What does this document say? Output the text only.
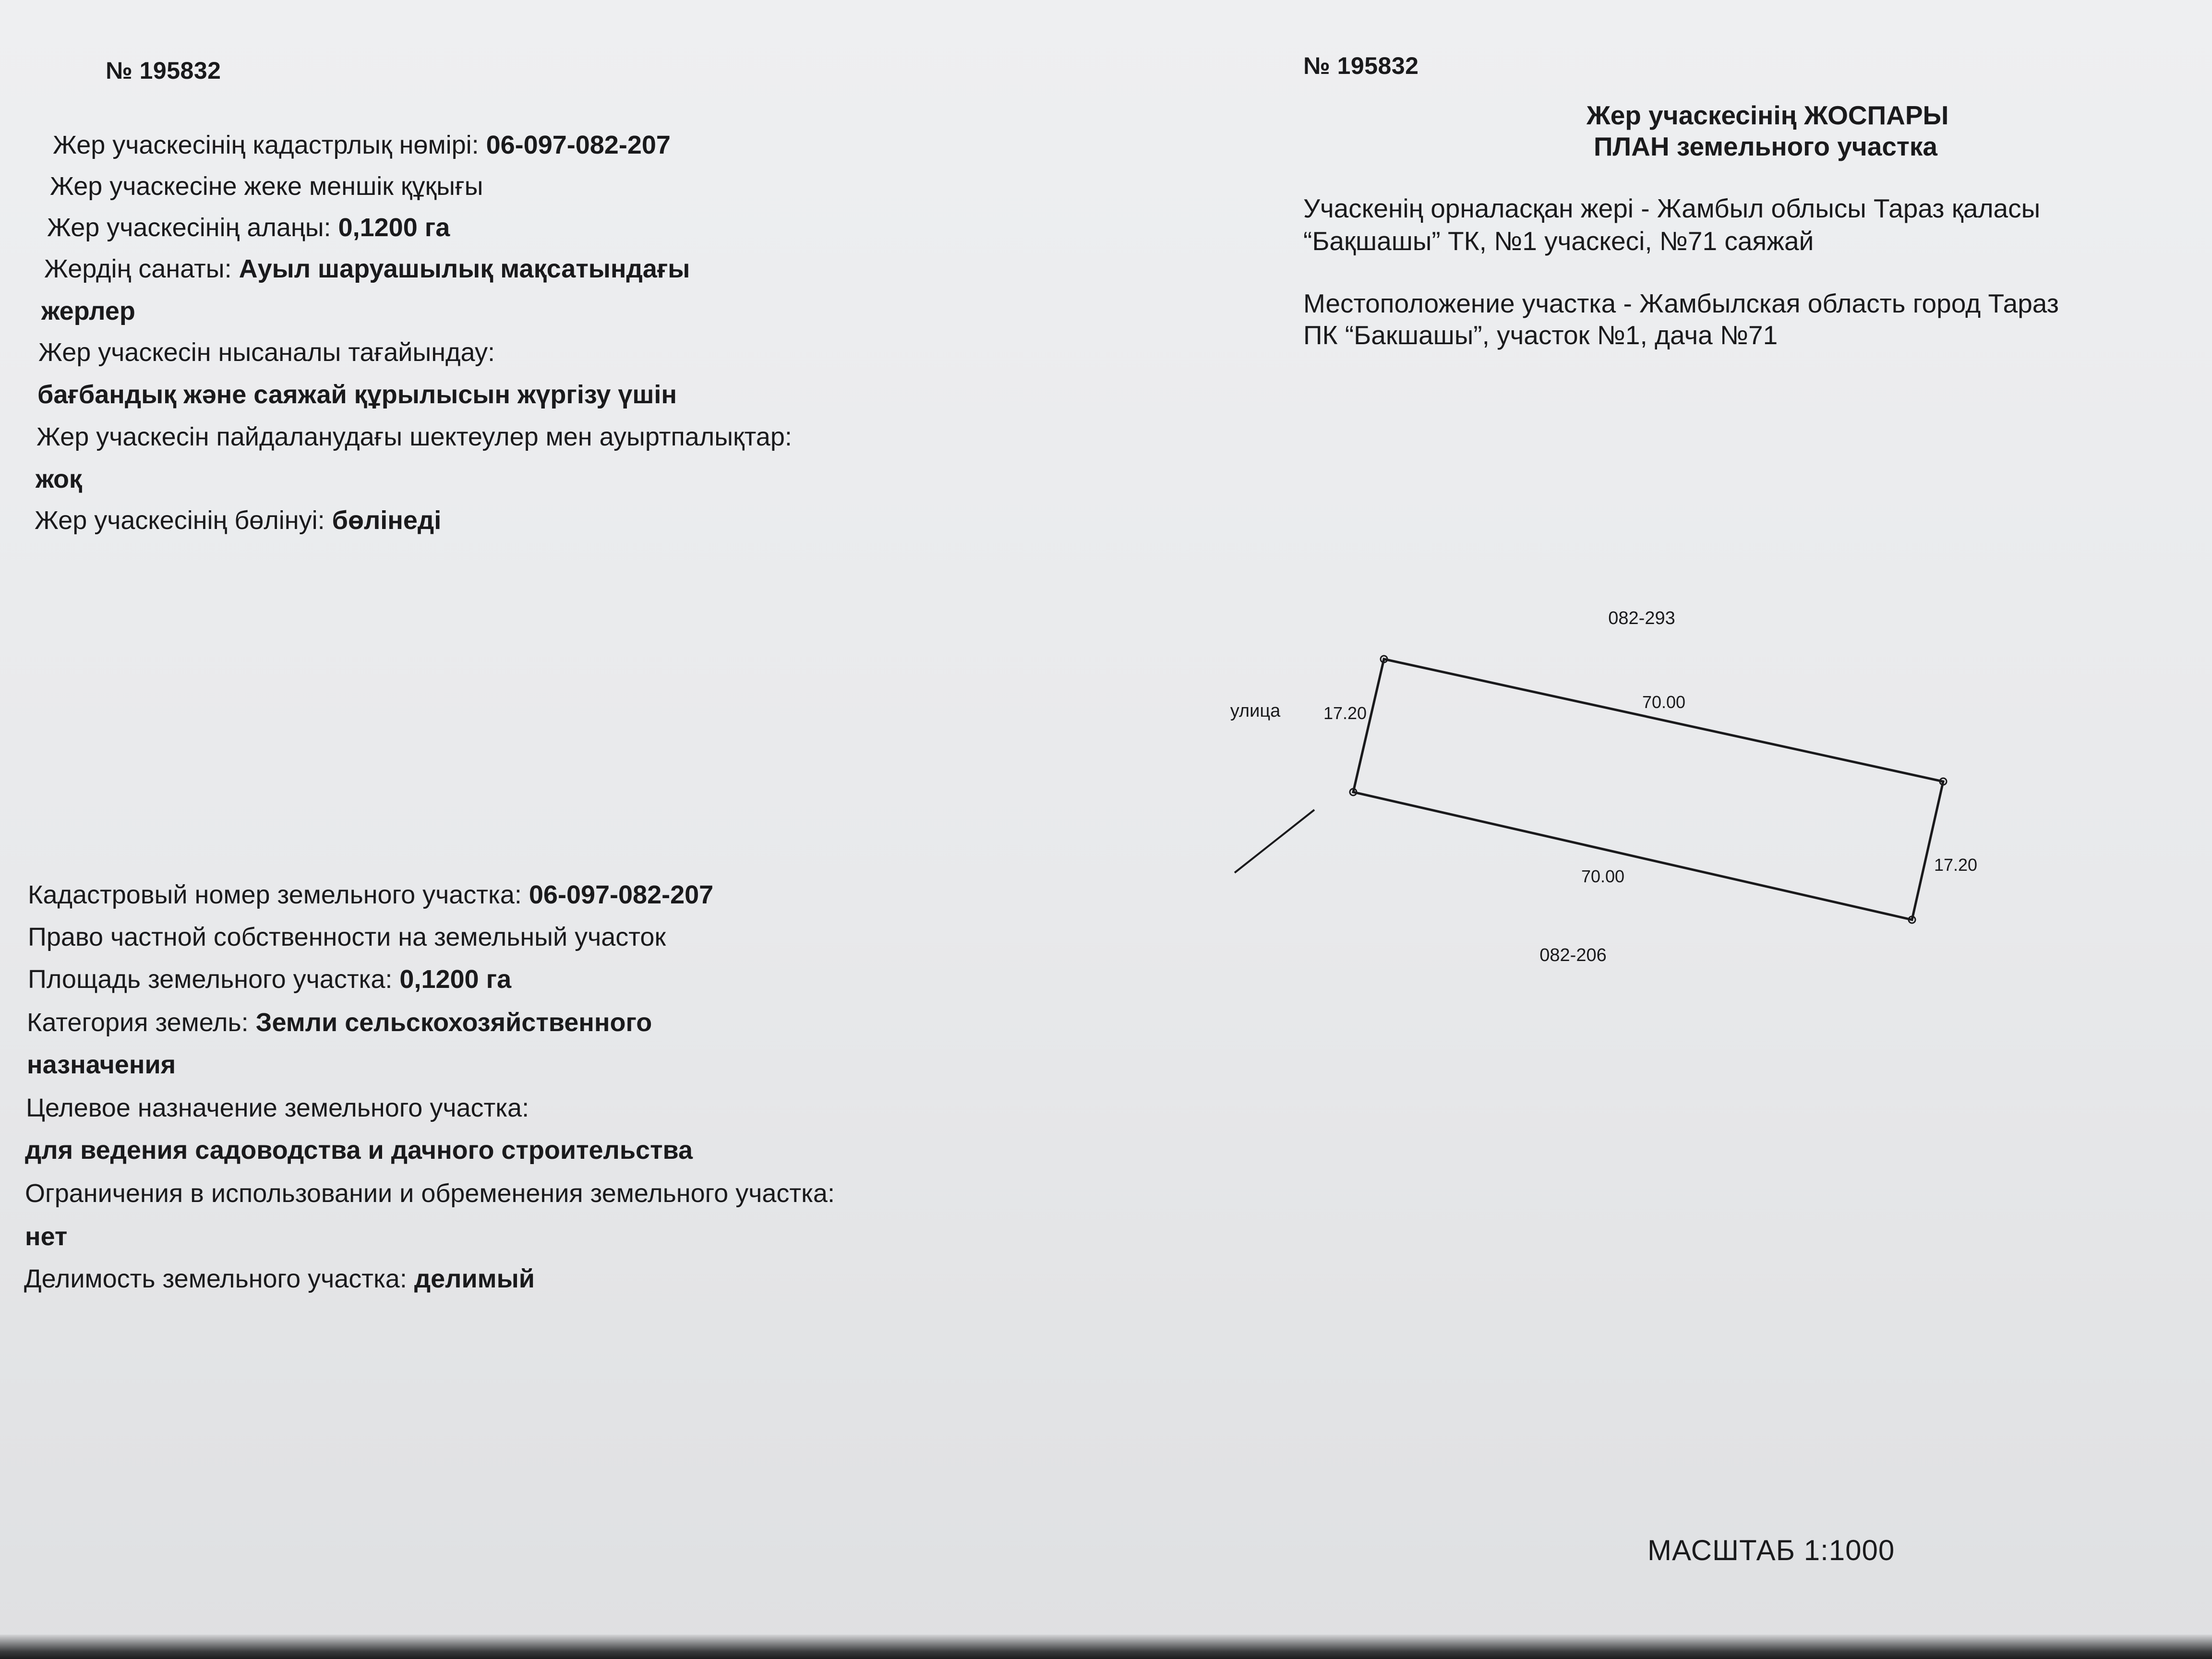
№ 195832
Жер учаскесінің кадастрлық нөмірі: 06-097-082-207
Жер учаскесіне жеке меншік құқығы
Жер учаскесінің алаңы: 0,1200 га
Жердің санаты: Ауыл шаруашылық мақсатындағы
жерлер
Жер учаскесін нысаналы тағайындау:
бағбандық және саяжай құрылысын жүргізу үшін
Жер учаскесін пайдаланудағы шектеулер мен ауыртпалықтар:
жоқ
Жер учаскесінің бөлінуі: бөлінеді
Кадастровый номер земельного участка: 06-097-082-207
Право частной собственности на земельный участок
Площадь земельного участка: 0,1200 га
Категория земель: Земли сельскохозяйственного
назначения
Целевое назначение земельного участка:
для ведения садоводства и дачного строительства
Ограничения в использовании и обременения земельного участка:
нет
Делимость земельного участка: делимый
№ 195832
Жер учаскесінің ЖОСПАРЫ
ПЛАН земельного участка
Учаскенің орналасқан жері - Жамбыл облысы Тараз қаласы
“Бақшашы” ТК, №1 учаскесі, №71 саяжай
Местоположение участка - Жамбылская область город Тараз
ПК “Бакшашы”, участок №1, дача №71
082-293
082-206
улица 17.20
70.00
17.20
70.00
МАСШТАБ 1:1000
